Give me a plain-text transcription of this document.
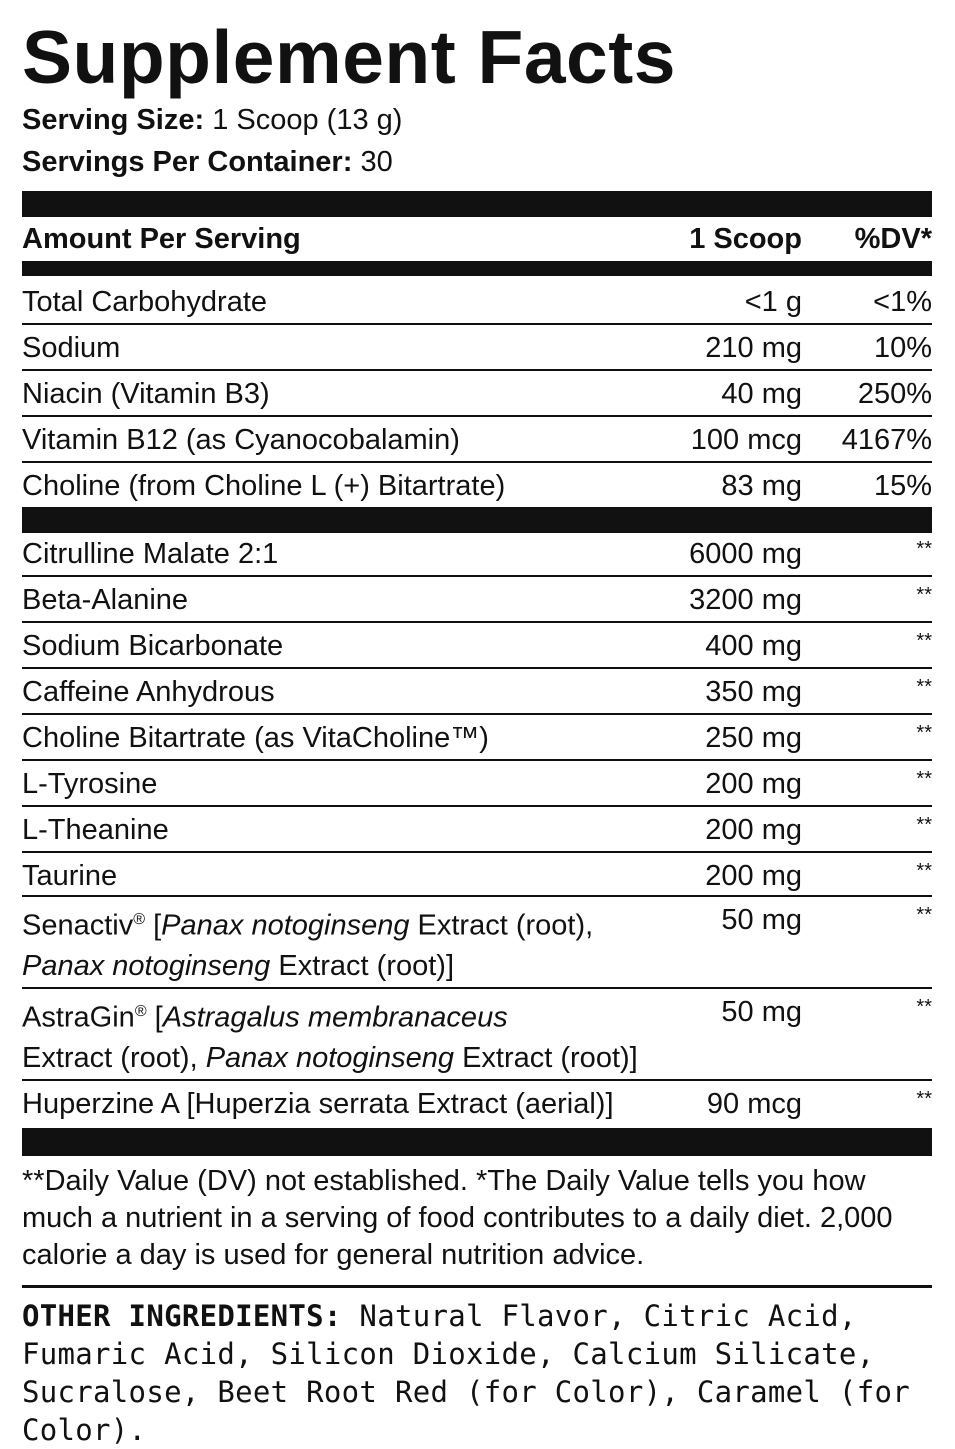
Supplement Facts
Serving Size: 1 Scoop (13 g)
Servings Per Container: 30
Amount Per Serving	1 Scoop %DV*
Total Carbohydrate	<1 g <1%
Sodium	210 mg 10%
Niacin (Vitamin B3)	40 mg 250%
Vitamin B12 (as Cyanocobalamin)	100 mcg 4167%
Choline (from Choline L (+) Bitartrate)	83 mg 15%
Citrulline Malate 2:1	6000 mg	**
Beta-Alanine	3200 mg	**
Sodium Bicarbonate	400 mg	**
Caffeine Anhydrous	350 mg	**
Choline Bitartrate (as VitaCholine™)	250 mg	**
L-Tyrosine	200 mg	**
L-Theanine	200 mg	**
Taurine	200 mg	**
Senactiv® [Panax notoginseng Extract (root),
Panax notoginseng Extract (root)]
50 mg	**
AstraGin® [Astragalus membranaceus
Extract (root), Panax notoginseng Extract (root)]
50 mg	**
Huperzine A [Huperzia serrata Extract (aerial)]	90 mcg	**
**Daily Value (DV) not established. *The Daily Value tells you how much a nutrient in a serving of food contributes to a daily diet. 2,000 calorie a day is used for general nutrition advice.
OTHER INGREDIENTS: Natural Flavor, Citric Acid, Fumaric Acid, Silicon Dioxide, Calcium Silicate, Sucralose, Beet Root Red (for Color), Caramel (for Color).
